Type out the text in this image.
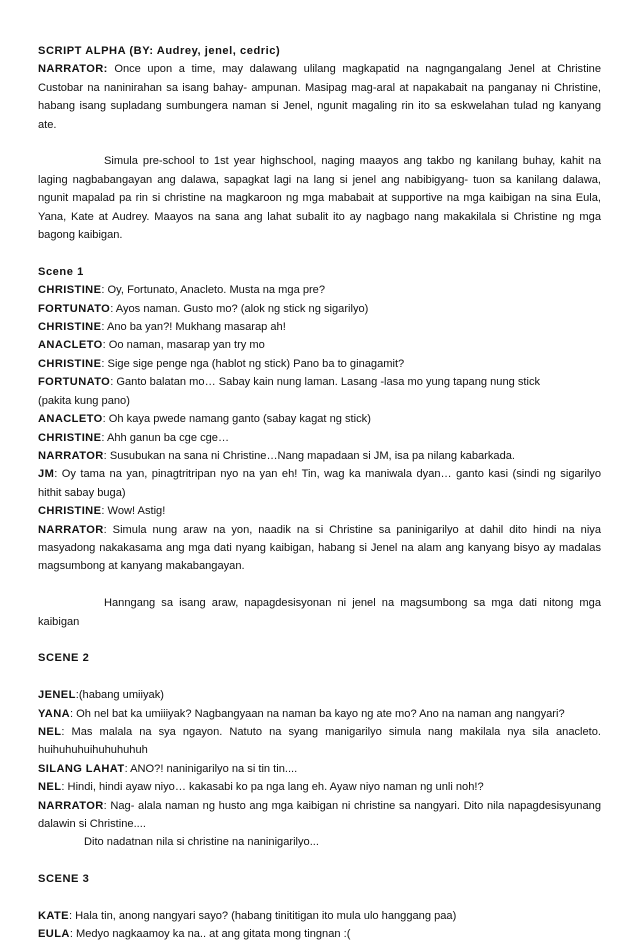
SCRIPT ALPHA (BY: Audrey, jenel, cedric)

NARRATOR: Once upon a time, may dalawang ulilang magkapatid na nagngangalang Jenel at Christine Custobar na naninirahan sa isang bahay- ampunan. Masipag mag-aral at napakabait na panganay ni Christine, habang isang supladang sumbungera naman si Jenel, ngunit magaling rin ito sa eskwelahan tulad ng kanyang ate.

Simula pre-school to 1st year highschool, naging maayos ang takbo ng kanilang buhay, kahit na laging nagbabangayan ang dalawa, sapagkat lagi na lang si jenel ang nabibigyang- tuon sa kanilang dalawa, ngunit mapalad pa rin si christine na magkaroon ng mga mababait at supportive na mga kaibigan na sina Eula, Yana, Kate at Audrey. Maayos na sana ang lahat subalit ito ay nagbago nang makakilala si Christine ng mga bagong kaibigan.

Scene 1

CHRISTINE: Oy, Fortunato, Anacleto. Musta na mga pre?

FORTUNATO: Ayos naman. Gusto mo? (alok ng stick ng sigarilyo)

CHRISTINE: Ano ba yan?! Mukhang masarap ah!

ANACLETO: Oo naman, masarap yan try mo

CHRISTINE: Sige sige penge nga (hablot ng stick) Pano ba to ginagamit?

FORTUNATO: Ganto balatan mo… Sabay kain nung laman. Lasang -lasa mo yung tapang nung stick

(pakita kung pano)

ANACLETO: Oh kaya pwede namang ganto (sabay kagat ng stick)

CHRISTINE: Ahh ganun ba cge cge…

NARRATOR: Susubukan na sana ni Christine…Nang mapadaan si JM, isa pa nilang kabarkada.

JM: Oy tama na yan, pinagtritripan nyo na yan eh! Tin, wag ka maniwala dyan… ganto kasi (sindi ng sigarilyo hithit sabay buga)

CHRISTINE: Wow! Astig!

NARRATOR: Simula nung araw na yon, naadik na si Christine sa paninigarilyo at dahil dito hindi na niya masyadong nakakasama ang mga dati nyang kaibigan, habang si Jenel na alam ang kanyang bisyo ay madalas magsumbong at kanyang makabangayan.

Hanngang sa isang araw, napagdesisyonan ni jenel na magsumbong sa mga dati nitong mga kaibigan

SCENE 2

JENEL:(habang umiiyak)

YANA: Oh nel bat ka umiiiyak? Nagbangyaan na naman ba kayo ng ate mo? Ano na naman ang nangyari?

NEL: Mas malala na sya ngayon. Natuto na syang manigarilyo simula nang makilala nya sila anacleto. huihuhuhuihuhuhuhuh

SILANG LAHAT: ANO?! naninigarilyo na si tin tin....

NEL: Hindi, hindi ayaw niyo… kakasabi ko pa nga lang eh. Ayaw niyo naman ng unli noh!?

NARRATOR: Nag- alala naman ng husto ang mga kaibigan ni christine sa nangyari. Dito nila napagdesisyunang dalawin si Christine....

Dito nadatnan nila si christine na naninigarilyo...

SCENE 3

KATE: Hala tin, anong nangyari sayo? (habang tinititigan ito mula ulo hanggang paa)

EULA: Medyo nagkaamoy ka na.. at ang gitata mong tingnan :(
